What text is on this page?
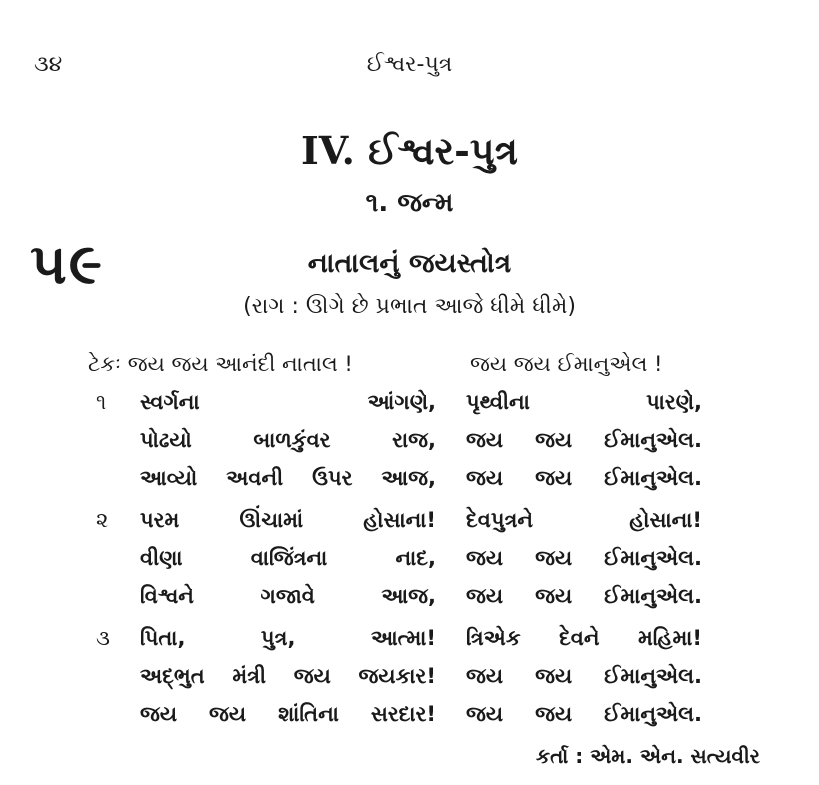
૩૪	ઈશ્વર-પુત્ર
IV. ઈશ્વર-પુત્ર
૧. જન્મ
૫૯	નાતાલનું જયસ્તોત્ર
(રાગ : ઊગે છે પ્રભાત આજે ધીમે ધીમે)
ટેકઃ જય જય આનંદી નાતાલ !	જય જય ઈમાનુએલ !
૧ સ્વર્ગના	આંગણે, પૃથ્વીના	પારણે,
પોઢયો	બાળકુંવર	રાજ, જય જય ઈમાનુએલ.
આવ્યો અવની ઉપર આજ, જય જય ઈમાનુએલ.
૨ પરમ	ઊંચામાં	હોસાના! દેવપુત્રને	હોસાના!
વીણા	વાજિંત્રના	નાદ, જય જય ઈમાનુએલ.
વિશ્વને	ગજાવે	આજ, જય જય ઈમાનુએલ.
૩ પિતા,	પુત્ર,	આત્મા! ત્રિએક દેવને મહિમા!
અદ્ભુત મંત્રી જય જયકાર! જય જય ઈમાનુએલ.
જય જય શાંતિના સરદાર! જય જય ઈમાનુએલ.
કર્તા : એમ. એન. સત્યવીર
